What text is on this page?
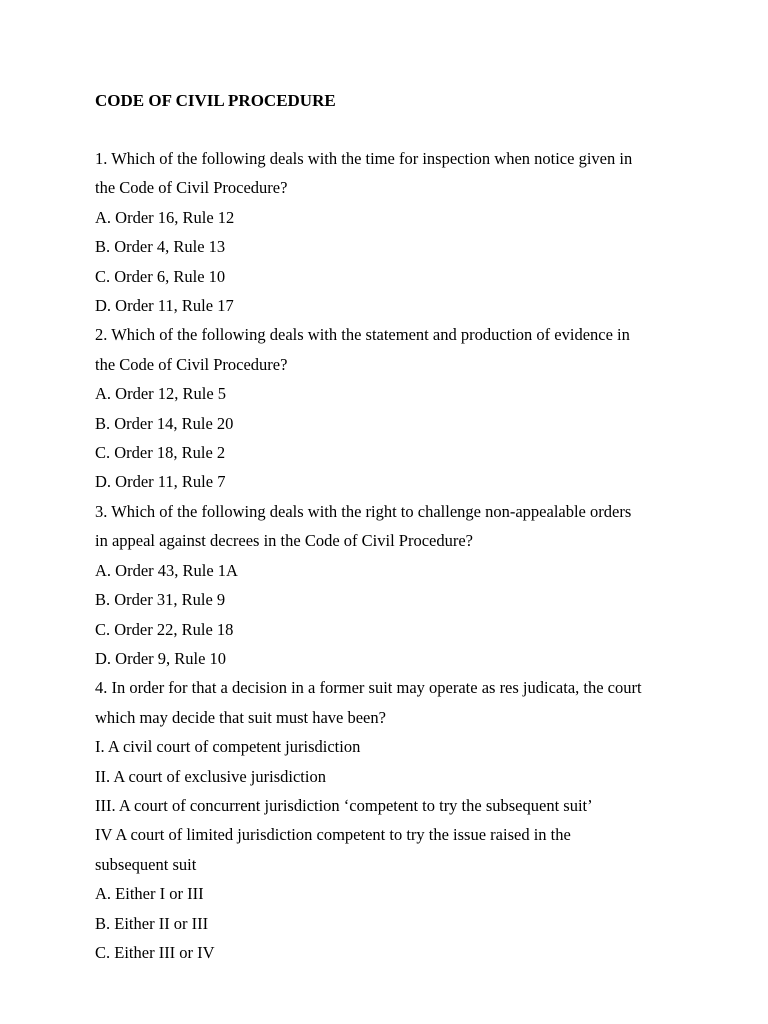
CODE OF CIVIL PROCEDURE

1. Which of the following deals with the time for inspection when notice given in

the Code of Civil Procedure?

A. Order 16, Rule 12

B. Order 4, Rule 13

C. Order 6, Rule 10

D. Order 11, Rule 17

2. Which of the following deals with the statement and production of evidence in

the Code of Civil Procedure?

A. Order 12, Rule 5

B. Order 14, Rule 20

C. Order 18, Rule 2

D. Order 11, Rule 7

3. Which of the following deals with the right to challenge non-appealable orders

in appeal against decrees in the Code of Civil Procedure?

A. Order 43, Rule 1A

B. Order 31, Rule 9

C. Order 22, Rule 18

D. Order 9, Rule 10

4. In order for that a decision in a former suit may operate as res judicata, the court

which may decide that suit must have been?

I. A civil court of competent jurisdiction

II. A court of exclusive jurisdiction

III. A court of concurrent jurisdiction ‘competent to try the subsequent suit’

IV A court of limited jurisdiction competent to try the issue raised in the

subsequent suit

A. Either I or III

B. Either II or III

C. Either III or IV
